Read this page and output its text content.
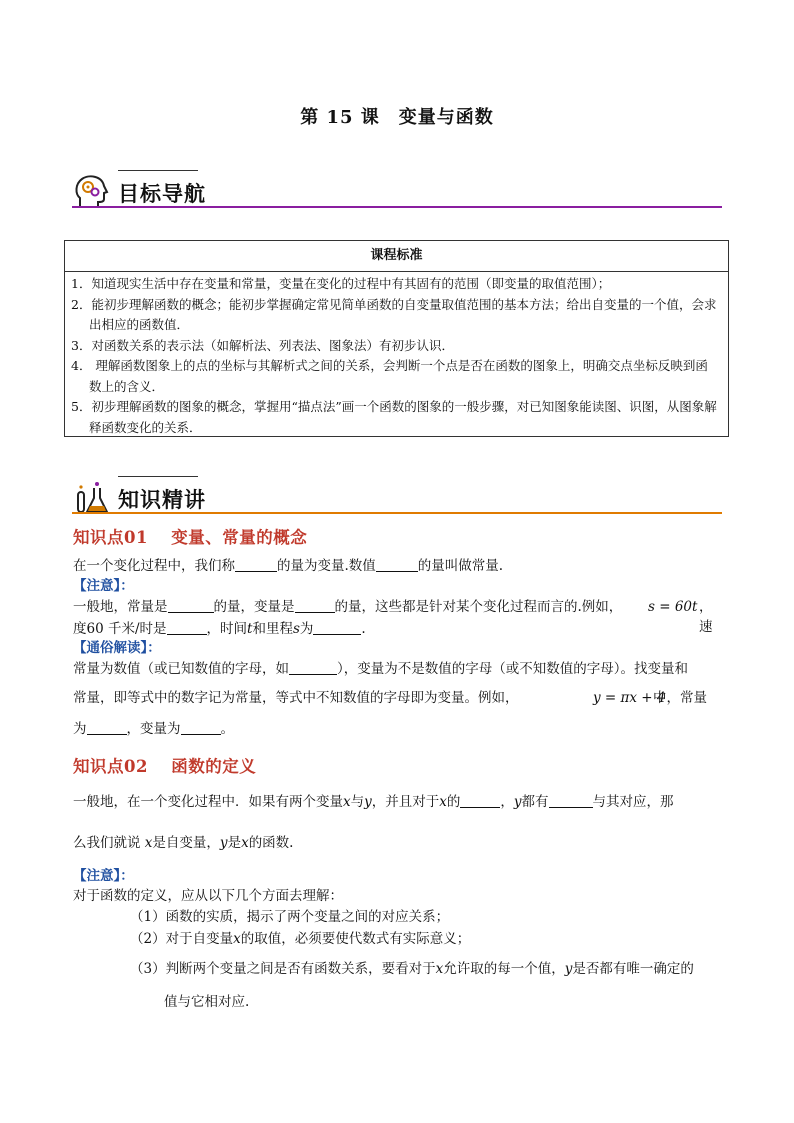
第 15 课　变量与函数
目标导航
课程标准
1．知道现实生活中存在变量和常量，变量在变化的过程中有其固有的范围（即变量的取值范围）；
2．能初步理解函数的概念；能初步掌握确定常见简单函数的自变量取值范围的基本方法；给出自变量的一个值，会求出相应的函数值．
3．对函数关系的表示法（如解析法、列表法、图象法）有初步认识．
4． 理解函数图象上的点的坐标与其解析式之间的关系，会判断一个点是否在函数的图象上，明确交点坐标反映到函数上的含义．
5．初步理解函数的图象的概念，掌握用“描点法”画一个函数的图象的一般步骤，对已知图象能读图、识图，从图象解释函数变化的关系．
知识精讲
知识点01　 变量、常量的概念
在一个变化过程中，我们称	的量为变量.数值	的量叫做常量.
【注意】：
一般地，常量是	的量，变量是	的量，这些都是针对某个变化过程而言的.例如， s = 60t ，速
度60 千米/时是	，时间t和里程s为	.
【通俗解读】：
常量为数值（或已知数值的字母，如	），变量为不是数值的字母（或不知数值的字母）。找变量和
常量，即等式中的数字记为常量，等式中不知数值的字母即为变量。例如，	y = πx + 4
中，常量
为	，变量为	。
知识点02　 函数的定义
一般地，在一个变化过程中．如果有两个变量x与y，并且对于x的	，y都有	与其对应，那
么我们就说 x是自变量，y是x的函数.
【注意】：
对于函数的定义，应从以下几个方面去理解：
（1）函数的实质，揭示了两个变量之间的对应关系；
（2）对于自变量x的取值，必须要使代数式有实际意义；
（3）判断两个变量之间是否有函数关系，要看对于x允许取的每一个值，y是否都有唯一确定的
值与它相对应.
